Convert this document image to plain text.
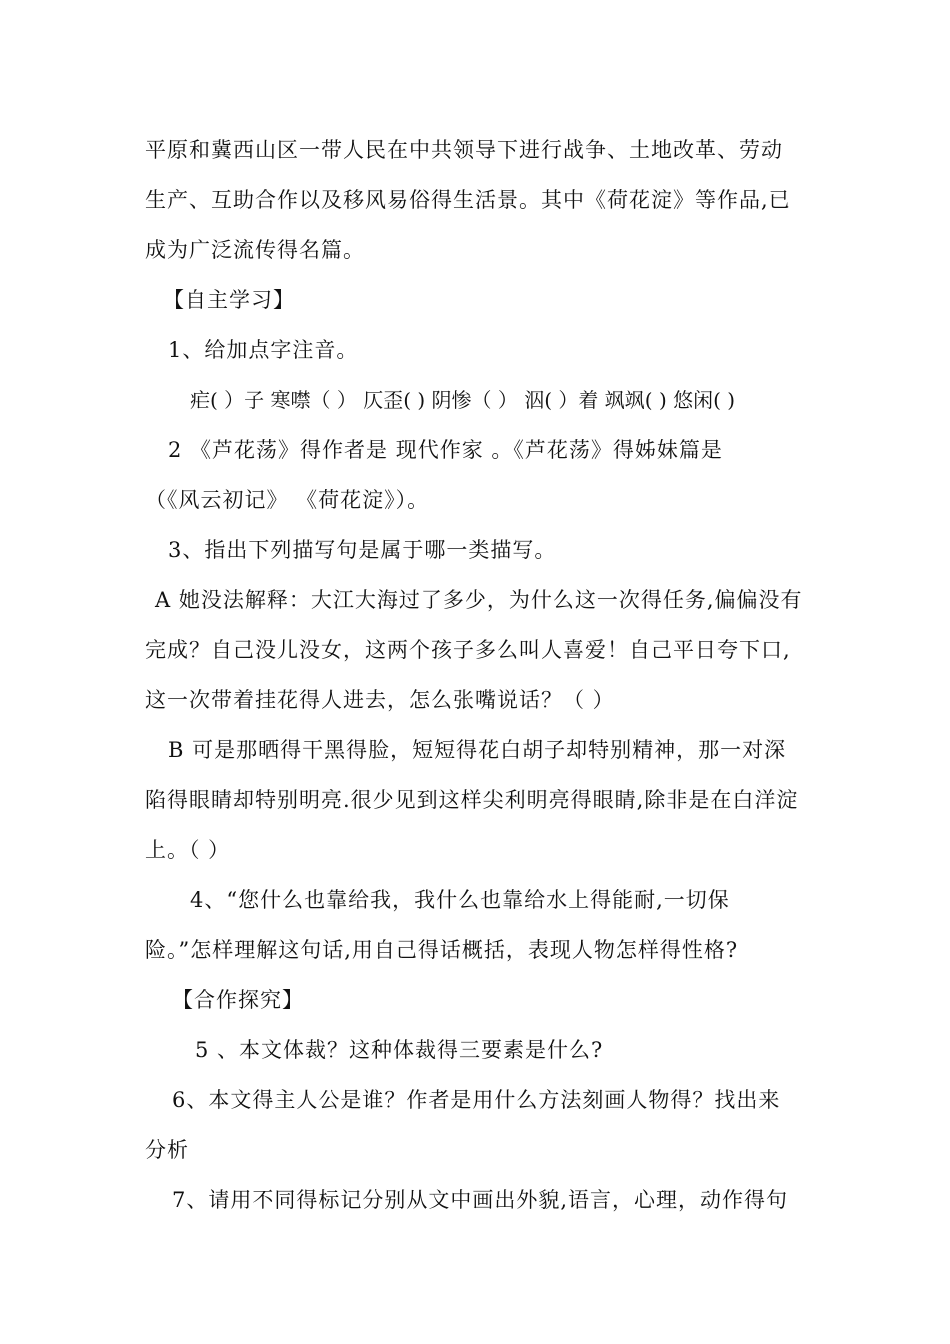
平原和冀西山区一带人民在中共领导下进行战争、土地改革、劳动
生产、互助合作以及移风易俗得生活景。其中《荷花淀》等作品,已
成为广泛流传得名篇。
【自主学习】
1、给加点字注音。
疟( ）子 寒噤（ ） 仄歪( ) 阴惨（ ） 泅( ）着 飒飒( ) 悠闲( )
2 《芦花荡》得作者是 现代作家 。《芦花荡》得姊妹篇是
（《风云初记》 《荷花淀》）。
3、指出下列描写句是属于哪一类描写。
A 她没法解释：大江大海过了多少，为什么这一次得任务,偏偏没有
完成？自己没儿没女，这两个孩子多么叫人喜爱！自己平日夸下口,
这一次带着挂花得人进去，怎么张嘴说话？（ ）
B 可是那晒得干黑得脸，短短得花白胡子却特别精神，那一对深
陷得眼睛却特别明亮.很少见到这样尖利明亮得眼睛,除非是在白洋淀
上。（ ）
4、“您什么也靠给我，我什么也靠给水上得能耐,一切保
险。”怎样理解这句话,用自己得话概括，表现人物怎样得性格?
【合作探究】
5 、本文体裁？这种体裁得三要素是什么?
6、本文得主人公是谁？作者是用什么方法刻画人物得？找出来
分析
7、请用不同得标记分别从文中画出外貌,语言，心理，动作得句
